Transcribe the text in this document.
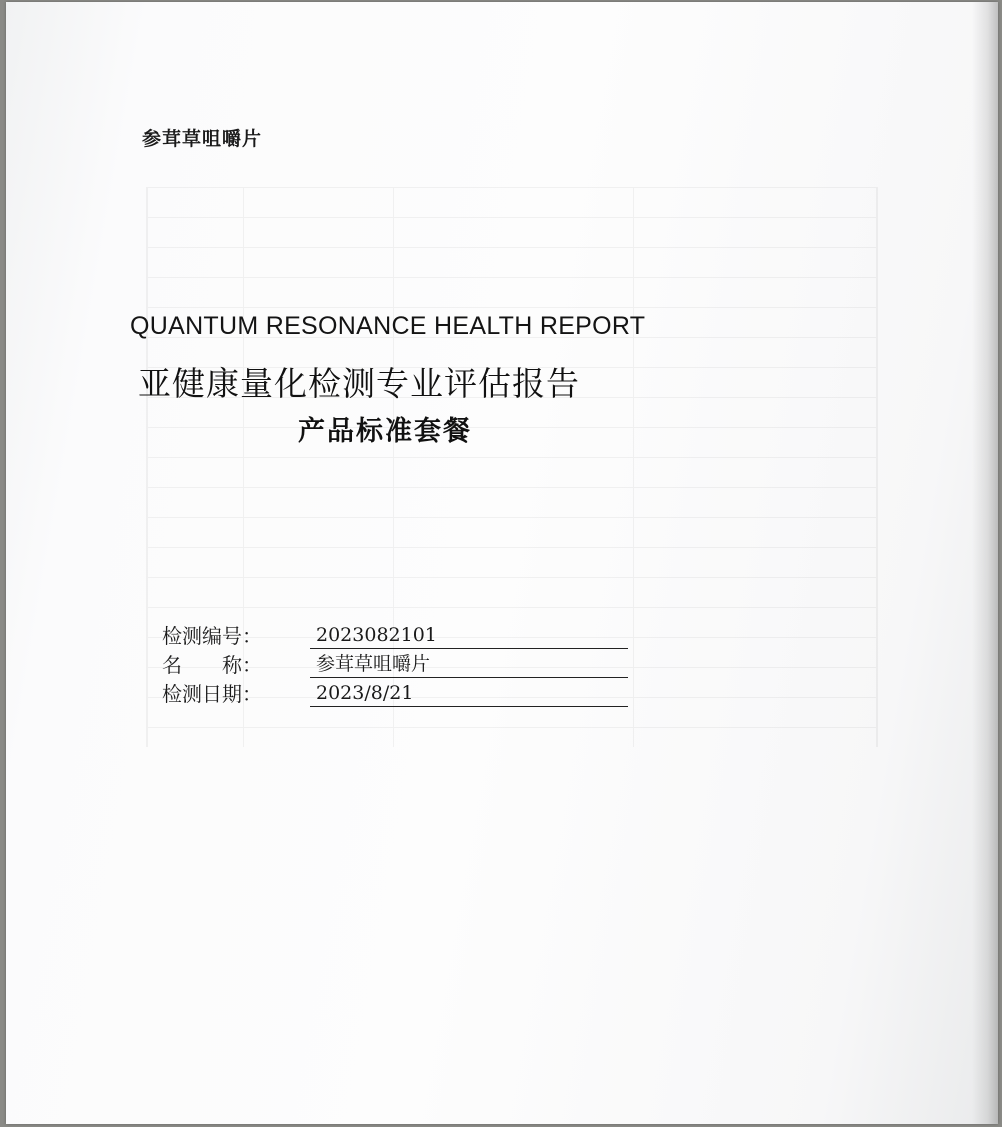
参茸草咀嚼片
QUANTUM RESONANCE HEALTH REPORT
亚健康量化检测专业评估报告
产品标准套餐
检测编号：	2023082101
名　　称：	参茸草咀嚼片
检测日期：	2023/8/21
